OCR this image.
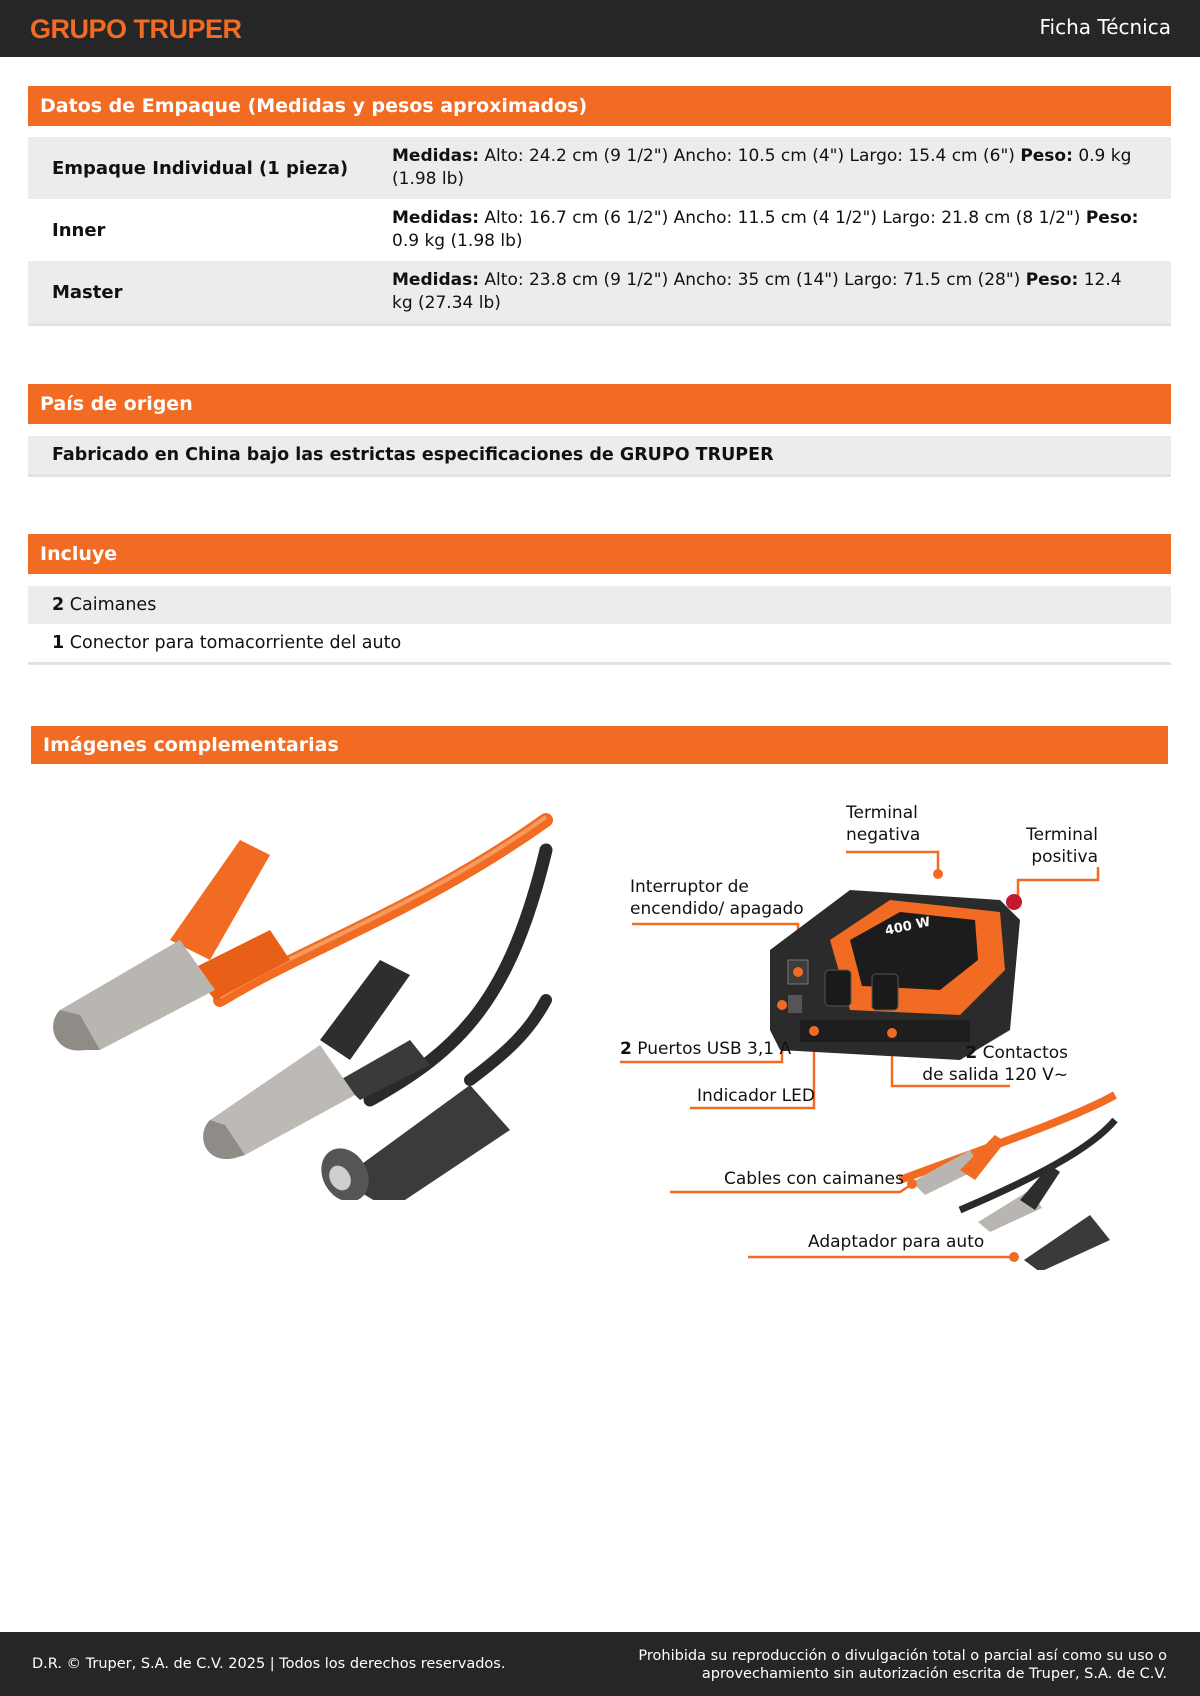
GRUPO TRUPER	Ficha Técnica
Datos de Empaque (Medidas y pesos aproximados)
Empaque Individual (1 pieza)
Medidas: Alto: 24.2 cm (9 1/2") Ancho: 10.5 cm (4") Largo: 15.4 cm (6") Peso: 0.9 kg (1.98 lb)
Inner
Medidas: Alto: 16.7 cm (6 1/2") Ancho: 11.5 cm (4 1/2") Largo: 21.8 cm (8 1/2") Peso: 0.9 kg (1.98 lb)
Master
Medidas: Alto: 23.8 cm (9 1/2") Ancho: 35 cm (14") Largo: 71.5 cm (28") Peso: 12.4 kg (27.34 lb)
País de origen
Fabricado en China bajo las estrictas especificaciones de GRUPO TRUPER
Incluye
2 Caimanes
1 Conector para tomacorriente del auto
Imágenes complementarias
400 W
Terminal
negativa	Terminal
positiva
Interruptor de
encendido/ apagado
2 Puertos USB 3,1 A	2 Contactos
de salida 120 V~
Indicador LED
Cables con caimanes
Adaptador para auto
D.R. © Truper, S.A. de C.V. 2025 | Todos los derechos reservados.	Prohibida su reproducción o divulgación total o parcial así como su uso o aprovechamiento sin autorización escrita de Truper, S.A. de C.V.
